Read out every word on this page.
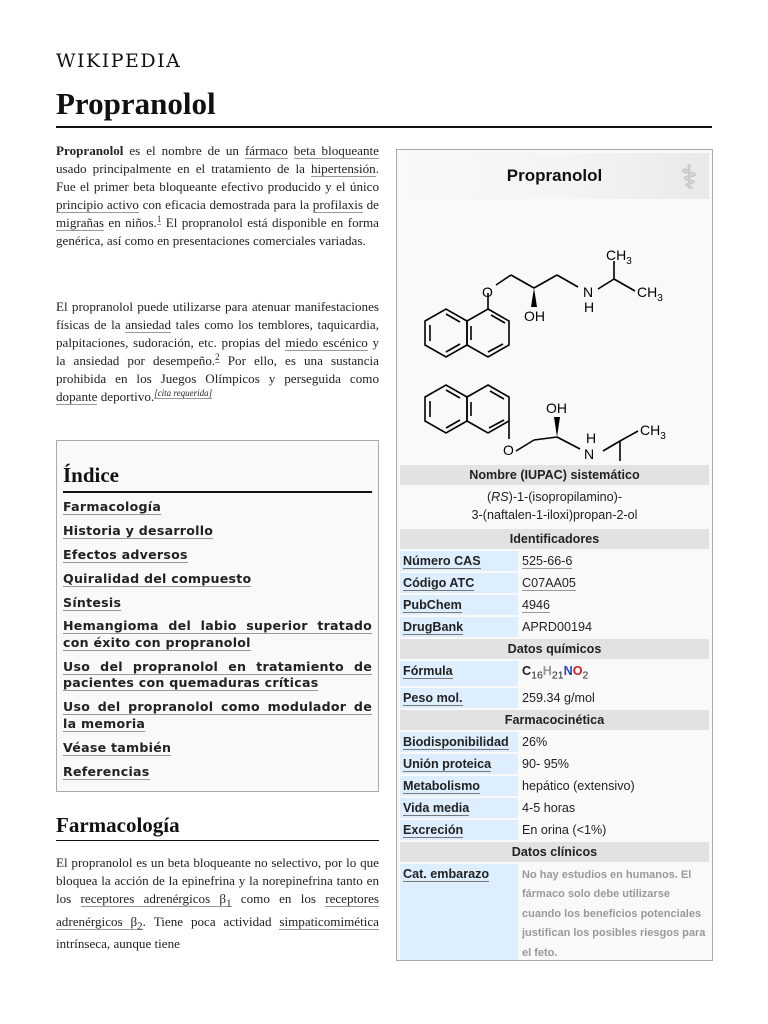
WIKIPEDIA
Propranolol

Propranolol es el nombre de un fármaco beta bloqueante usado principalmente en el tratamiento de la hipertensión. Fue el primer beta bloqueante efectivo producido y el único principio activo con eficacia demostrada para la profilaxis de migrañas en niños.$^1$ El propranolol está disponible en forma genérica, así como en presentaciones comerciales variadas.

El propranolol puede utilizarse para atenuar manifestaciones físicas de la ansiedad tales como los temblores, taquicardia, palpitaciones, sudoración, etc. propias del miedo escénico y la ansiedad por desempeño.$^2$ Por ello, es una sustancia prohibida en los Juegos Olímpicos y perseguida como dopante deportivo.[cita requerida]

Índice
Farmacología
Historia y desarrollo
Efectos adversos
Quiralidad del compuesto
Síntesis
Hemangioma del labio superior tratado con éxito con propranolol
Uso del propranolol en tratamiento de pacientes con quemaduras críticas
Uso del propranolol como modulador de la memoria
Véase también
Referencias
Farmacología

El propranolol es un beta bloqueante no selectivo, por lo que bloquea la acción de la epinefrina y la norepinefrina tanto en los receptores adrenérgicos $\beta_1$ como en los receptores adrenérgicos $\beta_2$. Tiene poca actividad simpaticomimética intrínseca, aunque tiene

Propranolol ⚕
O
OH
N
H
$CH_3$
$CH_3$
O
OH
N
H	$CH_3$
Nombre (IUPAC) sistemático
(RS)-1-(isopropilamino)-
3-(naftalen-1-iloxi)propan-2-ol
Identificadores
Número CAS	525-66-6
Código ATC	C07AA05
PubChem	4946
DrugBank	APRD00194
Datos químicos
Fórmula	$C_{16}H_{21}NO_2$
Peso mol.	259.34 g/mol
Farmacocinética
Biodisponibilidad	26%
Unión proteica	90- 95%
Metabolismo	hepático (extensivo)
Vida media	4-5 horas
Excreción	En orina (<1%)
Datos clínicos
Cat. embarazo	No hay estudios en humanos. El fármaco solo debe utilizarse cuando los beneficios potenciales justifican los posibles riesgos para el feto.
